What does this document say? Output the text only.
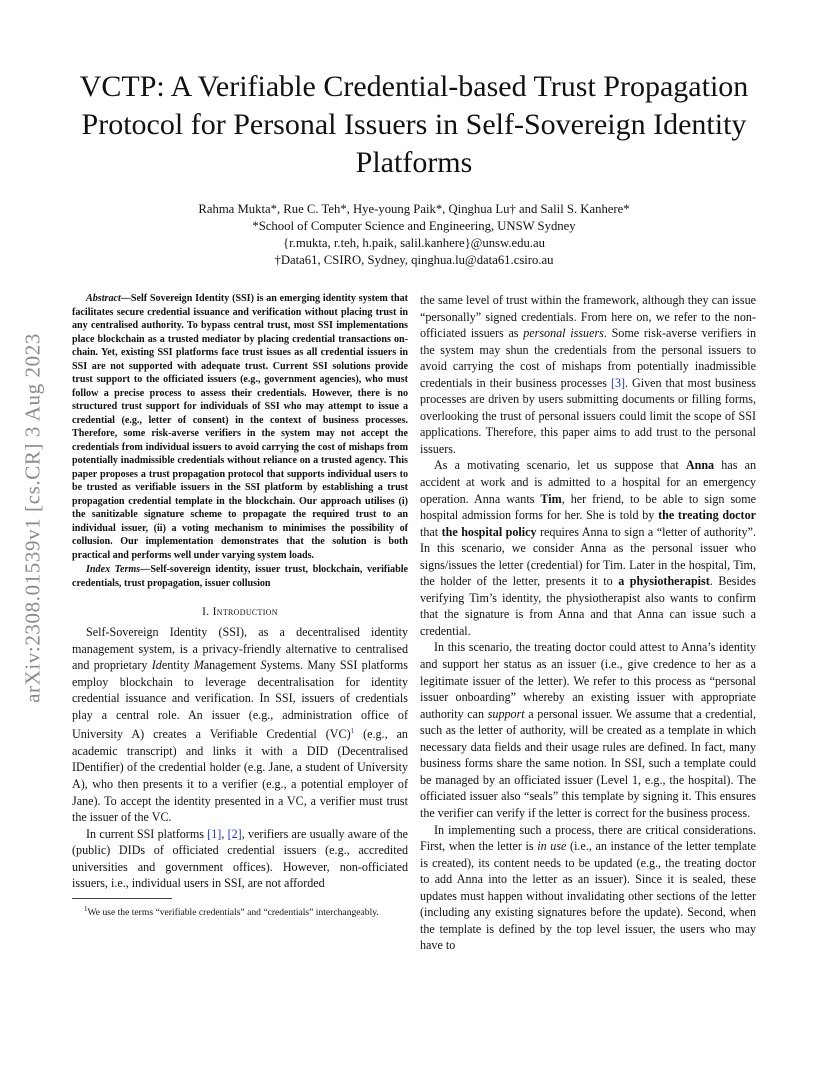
VCTP: A Verifiable Credential-based Trust Propagation Protocol for Personal Issuers in Self-Sovereign Identity Platforms
Rahma Mukta*, Rue C. Teh*, Hye-young Paik*, Qinghua Lu† and Salil S. Kanhere*
*School of Computer Science and Engineering, UNSW Sydney
{r.mukta, r.teh, h.paik, salil.kanhere}@unsw.edu.au
†Data61, CSIRO, Sydney, qinghua.lu@data61.csiro.au
arXiv:2308.01539v1 [cs.CR] 3 Aug 2023

Abstract—Self Sovereign Identity (SSI) is an emerging identity system that facilitates secure credential issuance and verification without placing trust in any centralised authority. To bypass central trust, most SSI implementations place blockchain as a trusted mediator by placing credential transactions on-chain. Yet, existing SSI platforms face trust issues as all credential issuers in SSI are not supported with adequate trust. Current SSI solutions provide trust support to the officiated issuers (e.g., government agencies), who must follow a precise process to assess their credentials. However, there is no structured trust support for individuals of SSI who may attempt to issue a credential (e.g., letter of consent) in the context of business processes. Therefore, some risk-averse verifiers in the system may not accept the credentials from individual issuers to avoid carrying the cost of mishaps from potentially inadmissible credentials without reliance on a trusted agency. This paper proposes a trust propagation protocol that supports individual users to be trusted as verifiable issuers in the SSI platform by establishing a trust propagation credential template in the blockchain. Our approach utilises (i) the sanitizable signature scheme to propagate the required trust to an individual issuer, (ii) a voting mechanism to minimises the possibility of collusion. Our implementation demonstrates that the solution is both practical and performs well under varying system loads.

Index Terms—Self-sovereign identity, issuer trust, blockchain, verifiable credentials, trust propagation, issuer collusion

I. Introduction

Self-Sovereign Identity (SSI), as a decentralised identity management system, is a privacy-friendly alternative to centralised and proprietary Identity Management Systems. Many SSI platforms employ blockchain to leverage decentralisation for identity credential issuance and verification. In SSI, issuers of credentials play a central role. An issuer (e.g., administration office of University A) creates a Verifiable Credential (VC)$^1$ (e.g., an academic transcript) and links it with a DID (Decentralised IDentifier) of the credential holder (e.g. Jane, a student of University A), who then presents it to a verifier (e.g., a potential employer of Jane). To accept the identity presented in a VC, a verifier must trust the issuer of the VC.

In current SSI platforms [1], [2], verifiers are usually aware of the (public) DIDs of officiated credential issuers (e.g., accredited universities and government offices). However, non-officiated issuers, i.e., individual users in SSI, are not afforded

$^1$We use the terms “verifiable credentials” and “credentials” interchangeably.

the same level of trust within the framework, although they can issue “personally” signed credentials. From here on, we refer to the non-officiated issuers as personal issuers. Some risk-averse verifiers in the system may shun the credentials from the personal issuers to avoid carrying the cost of mishaps from potentially inadmissible credentials in their business processes [3]. Given that most business processes are driven by users submitting documents or filling forms, overlooking the trust of personal issuers could limit the scope of SSI applications. Therefore, this paper aims to add trust to the personal issuers.

As a motivating scenario, let us suppose that Anna has an accident at work and is admitted to a hospital for an emergency operation. Anna wants Tim, her friend, to be able to sign some hospital admission forms for her. She is told by the treating doctor that the hospital policy requires Anna to sign a “letter of authority”. In this scenario, we consider Anna as the personal issuer who signs/issues the letter (credential) for Tim. Later in the hospital, Tim, the holder of the letter, presents it to a physiotherapist. Besides verifying Tim’s identity, the physiotherapist also wants to confirm that the signature is from Anna and that Anna can issue such a credential.

In this scenario, the treating doctor could attest to Anna’s identity and support her status as an issuer (i.e., give credence to her as a legitimate issuer of the letter). We refer to this process as “personal issuer onboarding” whereby an existing issuer with appropriate authority can support a personal issuer. We assume that a credential, such as the letter of authority, will be created as a template in which necessary data fields and their usage rules are defined. In fact, many business forms share the same notion. In SSI, such a template could be managed by an officiated issuer (Level 1, e.g., the hospital). The officiated issuer also “seals” this template by signing it. This ensures the verifier can verify if the letter is correct for the business process.

In implementing such a process, there are critical considerations. First, when the letter is in use (i.e., an instance of the letter template is created), its content needs to be updated (e.g., the treating doctor to add Anna into the letter as an issuer). Since it is sealed, these updates must happen without invalidating other sections of the letter (including any existing signatures before the update). Second, when the template is defined by the top level issuer, the users who may have to
